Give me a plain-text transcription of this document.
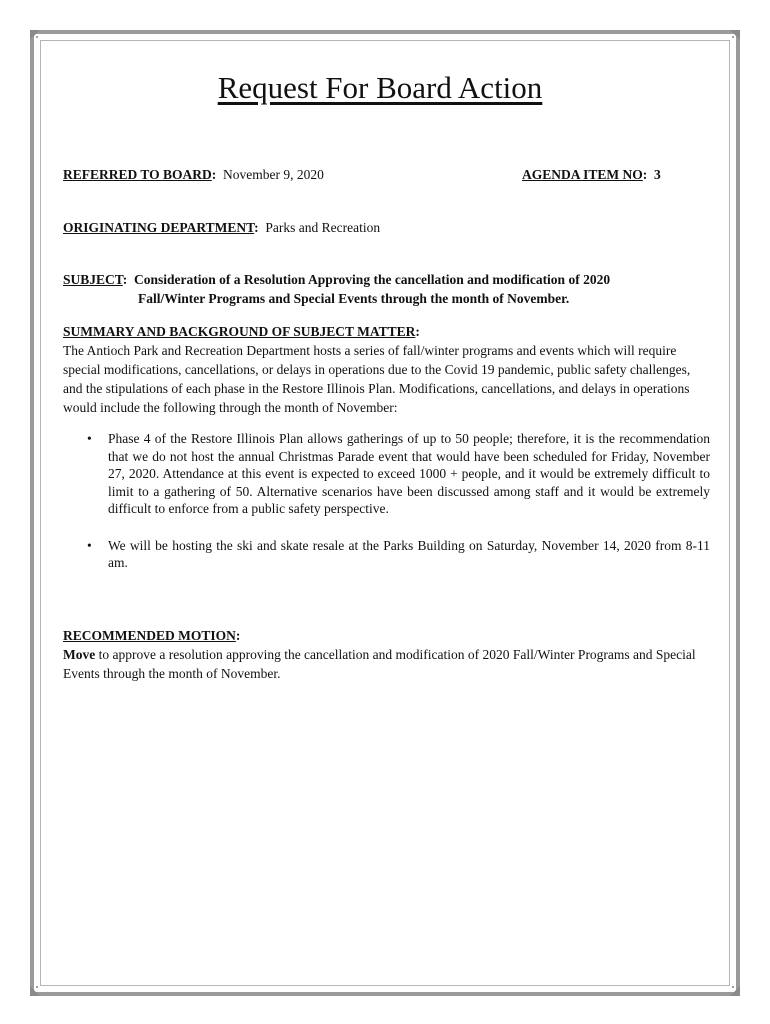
Request For Board Action
REFERRED TO BOARD: November 9, 2020	AGENDA ITEM NO: 3
ORIGINATING DEPARTMENT: Parks and Recreation
SUBJECT: Consideration of a Resolution Approving the cancellation and modification of 2020
Fall/Winter Programs and Special Events through the month of November.
SUMMARY AND BACKGROUND OF SUBJECT MATTER:
The Antioch Park and Recreation Department hosts a series of fall/winter programs and events which will require special modifications, cancellations, or delays in operations due to the Covid 19 pandemic, public safety challenges, and the stipulations of each phase in the Restore Illinois Plan. Modifications, cancellations, and delays in operations would include the following through the month of November:
• Phase 4 of the Restore Illinois Plan allows gatherings of up to 50 people; therefore, it is the recommendation that we do not host the annual Christmas Parade event that would have been scheduled for Friday, November 27, 2020. Attendance at this event is expected to exceed 1000 + people, and it would be extremely difficult to limit to a gathering of 50. Alternative scenarios have been discussed among staff and it would be extremely difficult to enforce from a public safety perspective.
• We will be hosting the ski and skate resale at the Parks Building on Saturday, November 14, 2020 from 8-11 am.
RECOMMENDED MOTION:
Move to approve a resolution approving the cancellation and modification of 2020 Fall/Winter Programs and Special Events through the month of November.
